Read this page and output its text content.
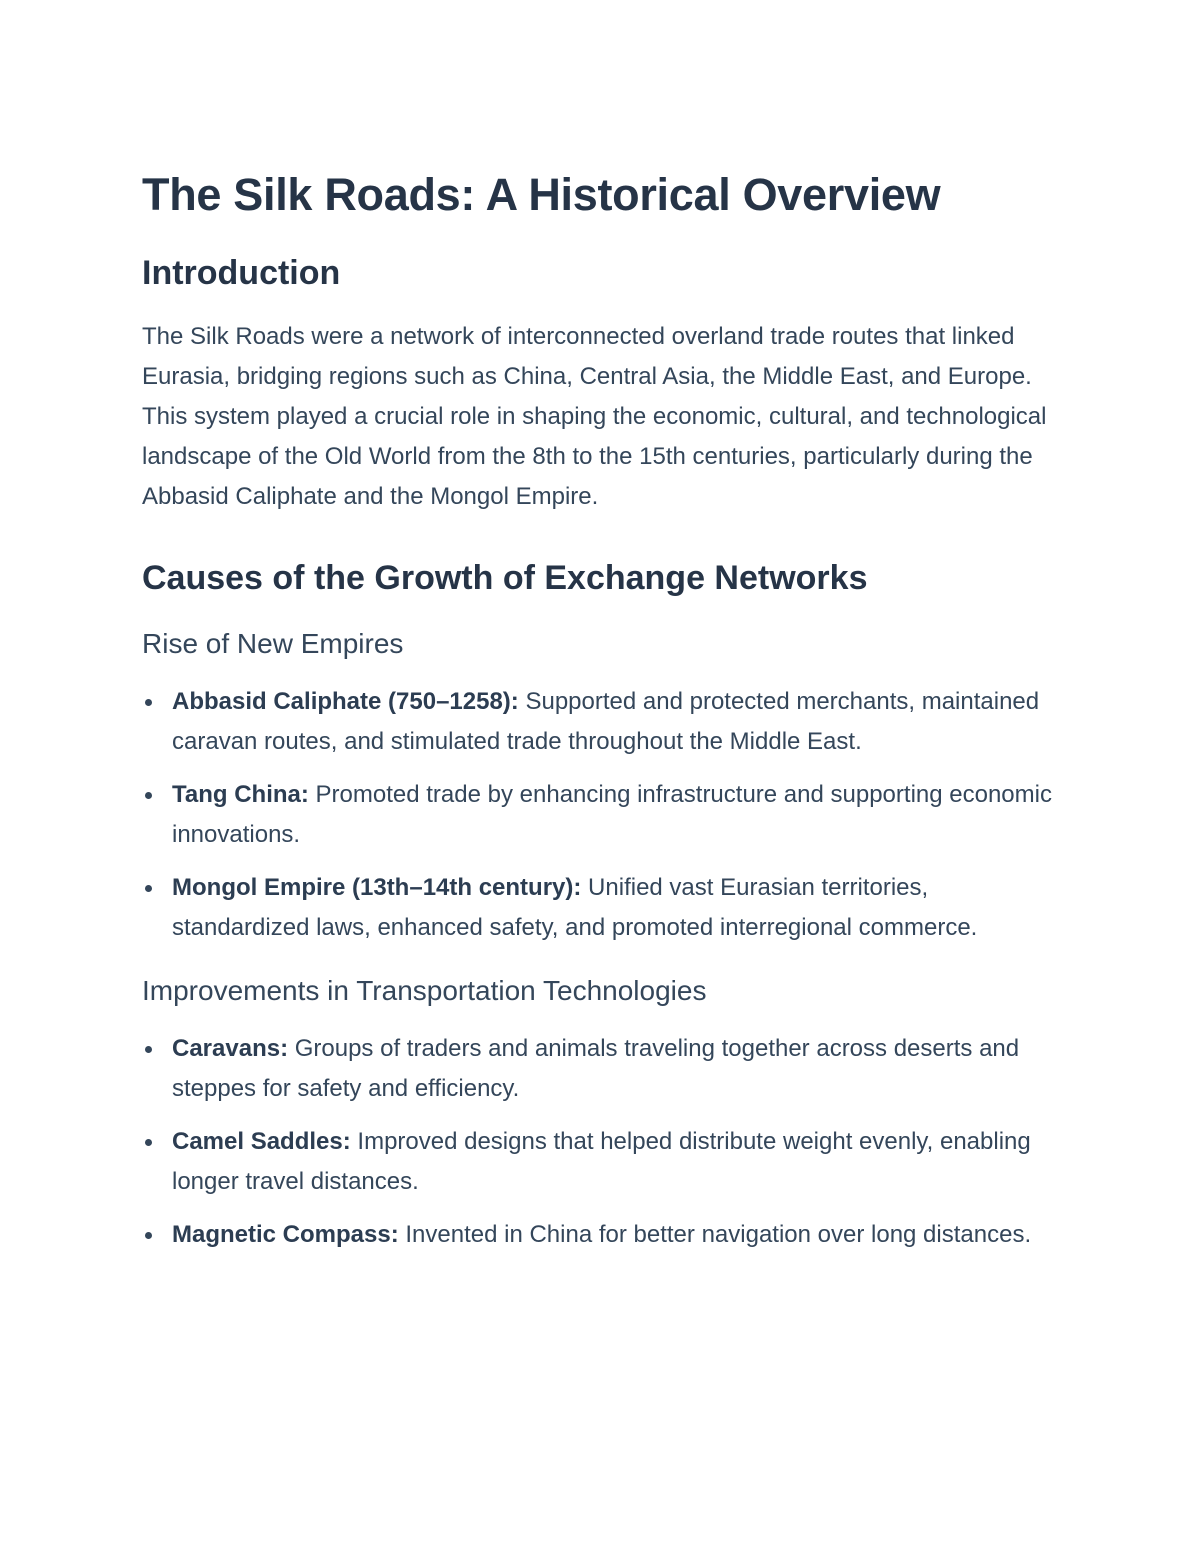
The Silk Roads: A Historical Overview
Introduction

The Silk Roads were a network of interconnected overland trade routes that linked Eurasia, bridging regions such as China, Central Asia, the Middle East, and Europe. This system played a crucial role in shaping the economic, cultural, and technological landscape of the Old World from the 8th to the 15th centuries, particularly during the Abbasid Caliphate and the Mongol Empire.

Causes of the Growth of Exchange Networks
Rise of New Empires
Abbasid Caliphate (750–1258): Supported and protected merchants, maintained caravan routes, and stimulated trade throughout the Middle East.
Tang China: Promoted trade by enhancing infrastructure and supporting economic innovations.
Mongol Empire (13th–14th century): Unified vast Eurasian territories, standardized laws, enhanced safety, and promoted interregional commerce.
Improvements in Transportation Technologies
Caravans: Groups of traders and animals traveling together across deserts and steppes for safety and efficiency.
Camel Saddles: Improved designs that helped distribute weight evenly, enabling longer travel distances.
Magnetic Compass: Invented in China for better navigation over long distances.
